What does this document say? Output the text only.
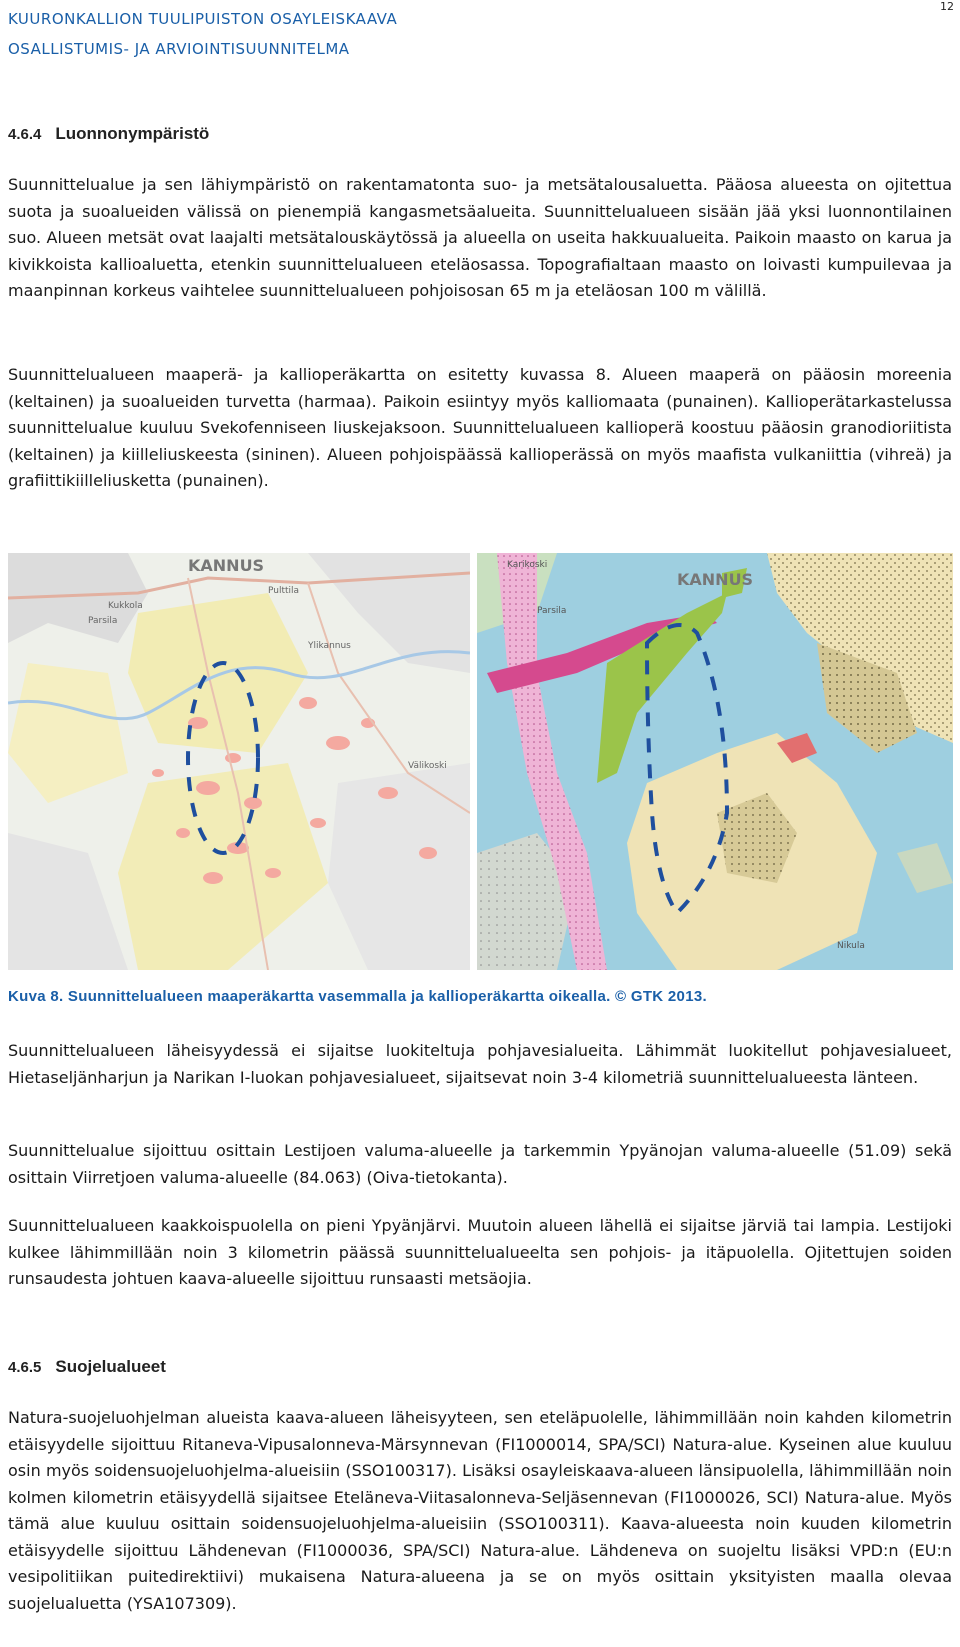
KUURONKALLION TUULIPUISTON OSAYLEISKAAVA
OSALLISTUMIS- JA ARVIOINTISUUNNITELMA
12
4.6.4 Luonnonympäristö
Suunnittelualue ja sen lähiympäristö on rakentamatonta suo- ja metsätalousaluetta. Pääosa alueesta on ojitettua suota ja suoalueiden välissä on pienempiä kangasmetsäalueita. Suunnittelualueen sisään jää yksi luonnontilainen suo. Alueen metsät ovat laajalti metsätalouskäytössä ja alueella on useita hakkuualueita. Paikoin maasto on karua ja kivikkoista kallioaluetta, etenkin suunnittelualueen eteläosassa. Topografialtaan maasto on loivasti kumpuilevaa ja maanpinnan korkeus vaihtelee suunnittelualueen pohjoisosan 65 m ja eteläosan 100 m välillä.
Suunnittelualueen maaperä- ja kallioperäkartta on esitetty kuvassa 8. Alueen maaperä on pääosin moreenia (keltainen) ja suoalueiden turvetta (harmaa). Paikoin esiintyy myös kalliomaata (punainen). Kallioperätarkastelussa suunnittelualue kuuluu Svekofenniseen liuskejaksoon. Suunnittelualueen kallioperä koostuu pääosin granodioriitista (keltainen) ja kiilleliuskeesta (sininen). Alueen pohjoispäässä kallioperässä on myös maafista vulkaniittia (vihreä) ja grafiittikiilleliusketta (punainen).
KANNUS
Ylikannus
Pulttila
Parsila
Kukkola
Välikoski
KANNUS
Karikoski
Nikula
Parsila
Kuva 8. Suunnittelualueen maaperäkartta vasemmalla ja kallioperäkartta oikealla. © GTK 2013.
Suunnittelualueen läheisyydessä ei sijaitse luokiteltuja pohjavesialueita. Lähimmät luokitellut pohjavesialueet, Hietaseljänharjun ja Narikan I-luokan pohjavesialueet, sijaitsevat noin 3-4 kilometriä suunnittelualueesta länteen.
Suunnittelualue sijoittuu osittain Lestijoen valuma-alueelle ja tarkemmin Ypyänojan valuma-alueelle (51.09) sekä osittain Viirretjoen valuma-alueelle (84.063) (Oiva-tietokanta).
Suunnittelualueen kaakkoispuolella on pieni Ypyänjärvi. Muutoin alueen lähellä ei sijaitse järviä tai lampia. Lestijoki kulkee lähimmillään noin 3 kilometrin päässä suunnittelualueelta sen pohjois- ja itäpuolella. Ojitettujen soiden runsaudesta johtuen kaava-alueelle sijoittuu runsaasti metsäojia.
4.6.5 Suojelualueet
Natura-suojeluohjelman alueista kaava-alueen läheisyyteen, sen eteläpuolelle, lähimmillään noin kahden kilometrin etäisyydelle sijoittuu Ritaneva-Vipusalonneva-Märsynnevan (FI1000014, SPA/SCI) Natura-alue. Kyseinen alue kuuluu osin myös soidensuojeluohjelma-alueisiin (SSO100317). Lisäksi osayleiskaava-alueen länsipuolella, lähimmillään noin kolmen kilometrin etäisyydellä sijaitsee Eteläneva-Viitasalonneva-Seljäsennevan (FI1000026, SCI) Natura-alue. Myös tämä alue kuuluu osittain soidensuojeluohjelma-alueisiin (SSO100311). Kaava-alueesta noin kuuden kilometrin etäisyydelle sijoittuu Lähdenevan (FI1000036, SPA/SCI) Natura-alue. Lähdeneva on suojeltu lisäksi VPD:n (EU:n vesipolitiikan puitedirektiivi) mukaisena Natura-alueena ja se on myös osittain yksityisten maalla olevaa suojelualuetta (YSA107309).
